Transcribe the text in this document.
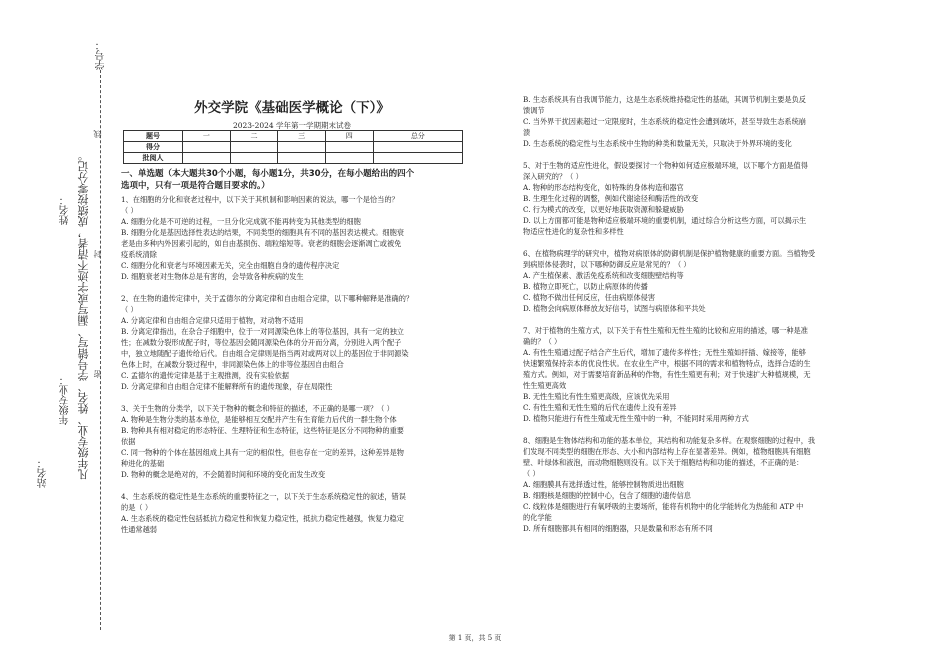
学号：
姓名： 凡年级专业、姓名、学号错写、漏写或字迹不清者，成绩按零分记。
年级专业：
站名：
密
封
线
外交学院《基础医学概论（下）》
2023-2024 学年第一学期期末试卷
题号	一	二	三	四	总分
得分					
批阅人					
一、单选题（本大题共30个小题，每小题1分，共30分，在每小题给出的四个
选项中，只有一项是符合题目要求的。）
1、在细胞的分化和衰老过程中，以下关于其机制和影响因素的说法，哪一个是恰当的？
（ ）
A. 细胞分化是不可逆的过程，一旦分化完成就不能再转变为其他类型的细胞
B. 细胞分化是基因选择性表达的结果，不同类型的细胞具有不同的基因表达模式。细胞衰
老是由多种内外因素引起的，如自由基损伤、端粒缩短等。衰老的细胞会逐渐凋亡或被免
疫系统清除
C. 细胞分化和衰老与环境因素无关，完全由细胞自身的遗传程序决定
D. 细胞衰老对生物体总是有害的，会导致各种疾病的发生
2、在生物的遗传定律中，关于孟德尔的分离定律和自由组合定律，以下哪种解释是准确的？
（ ）
A. 分离定律和自由组合定律只适用于植物，对动物不适用
B. 分离定律指出，在杂合子细胞中，位于一对同源染色体上的等位基因，具有一定的独立
性；在减数分裂形成配子时，等位基因会随同源染色体的分开而分离，分别进入两个配子
中，独立地随配子遗传给后代。自由组合定律则是指当两对或两对以上的基因位于非同源染
色体上时，在减数分裂过程中，非同源染色体上的非等位基因自由组合
C. 孟德尔的遗传定律是基于主观推测，没有实验依据
D. 分离定律和自由组合定律不能解释所有的遗传现象，存在局限性
3、关于生物的分类学，以下关于物种的概念和特征的描述，不正确的是哪一项？（ ）
A. 物种是生物分类的基本单位，是能够相互交配并产生有生育能力后代的一群生物个体
B. 物种具有相对稳定的形态特征、生理特征和生态特征，这些特征是区分不同物种的重要
依据
C. 同一物种的个体在基因组成上具有一定的相似性，但也存在一定的差异，这种差异是物
种进化的基础
D. 物种的概念是绝对的，不会随着时间和环境的变化而发生改变
4、生态系统的稳定性是生态系统的重要特征之一，以下关于生态系统稳定性的叙述，错误
的是（ ）
A. 生态系统的稳定性包括抵抗力稳定性和恢复力稳定性，抵抗力稳定性越强，恢复力稳定
性通常越弱
B. 生态系统具有自我调节能力，这是生态系统维持稳定性的基础，其调节机制主要是负反
馈调节
C. 当外界干扰因素超过一定限度时，生态系统的稳定性会遭到破坏，甚至导致生态系统崩
溃
D. 生态系统的稳定性与生态系统中生物的种类和数量无关，只取决于外界环境的变化
5、对于生物的适应性进化，假设要探讨一个物种如何适应极端环境，以下哪个方面是值得
深入研究的？（ ）
A. 物种的形态结构变化，如特殊的身体构造和器官
B. 生理生化过程的调整，例如代谢途径和酶活性的改变
C. 行为模式的改变，以更好地获取资源和躲避威胁
D. 以上方面都可能是物种适应极端环境的重要机制，通过综合分析这些方面，可以揭示生
物适应性进化的复杂性和多样性
6、在植物病理学的研究中，植物对病原体的防御机制是保护植物健康的重要方面。当植物受
到病原体侵袭时，以下哪种防御反应是常见的？（ ）
A. 产生植保素、激活免疫系统和改变细胞壁结构等
B. 植物立即死亡，以防止病原体的传播
C. 植物不做出任何反应，任由病原体侵害
D. 植物会向病原体释放友好信号，试图与病原体和平共处
7、对于植物的生殖方式，以下关于有性生殖和无性生殖的比较和应用的描述，哪一种是准
确的？（ ）
A. 有性生殖通过配子结合产生后代，增加了遗传多样性；无性生殖如扦插、嫁接等，能够
快速繁殖保持亲本的优良性状。在农业生产中，根据不同的需求和植物特点，选择合适的生
殖方式。例如，对于需要培育新品种的作物，有性生殖更有利；对于快速扩大种植规模，无
性生殖更高效
B. 无性生殖比有性生殖更高级，应该优先采用
C. 有性生殖和无性生殖的后代在遗传上没有差异
D. 植物只能进行有性生殖或无性生殖中的一种，不能同时采用两种方式
8、细胞是生物体结构和功能的基本单位，其结构和功能复杂多样。在观察细胞的过程中，我
们发现不同类型的细胞在形态、大小和内部结构上存在显著差异。例如，植物细胞具有细胞
壁、叶绿体和液泡，而动物细胞则没有。以下关于细胞结构和功能的描述，不正确的是：
（ ）
A. 细胞膜具有选择透过性，能够控制物质进出细胞
B. 细胞核是细胞的控制中心，包含了细胞的遗传信息
C. 线粒体是细胞进行有氧呼吸的主要场所，能将有机物中的化学能转化为热能和 ATP 中
的化学能
D. 所有细胞都具有相同的细胞器，只是数量和形态有所不同
第 1 页，共 5 页
